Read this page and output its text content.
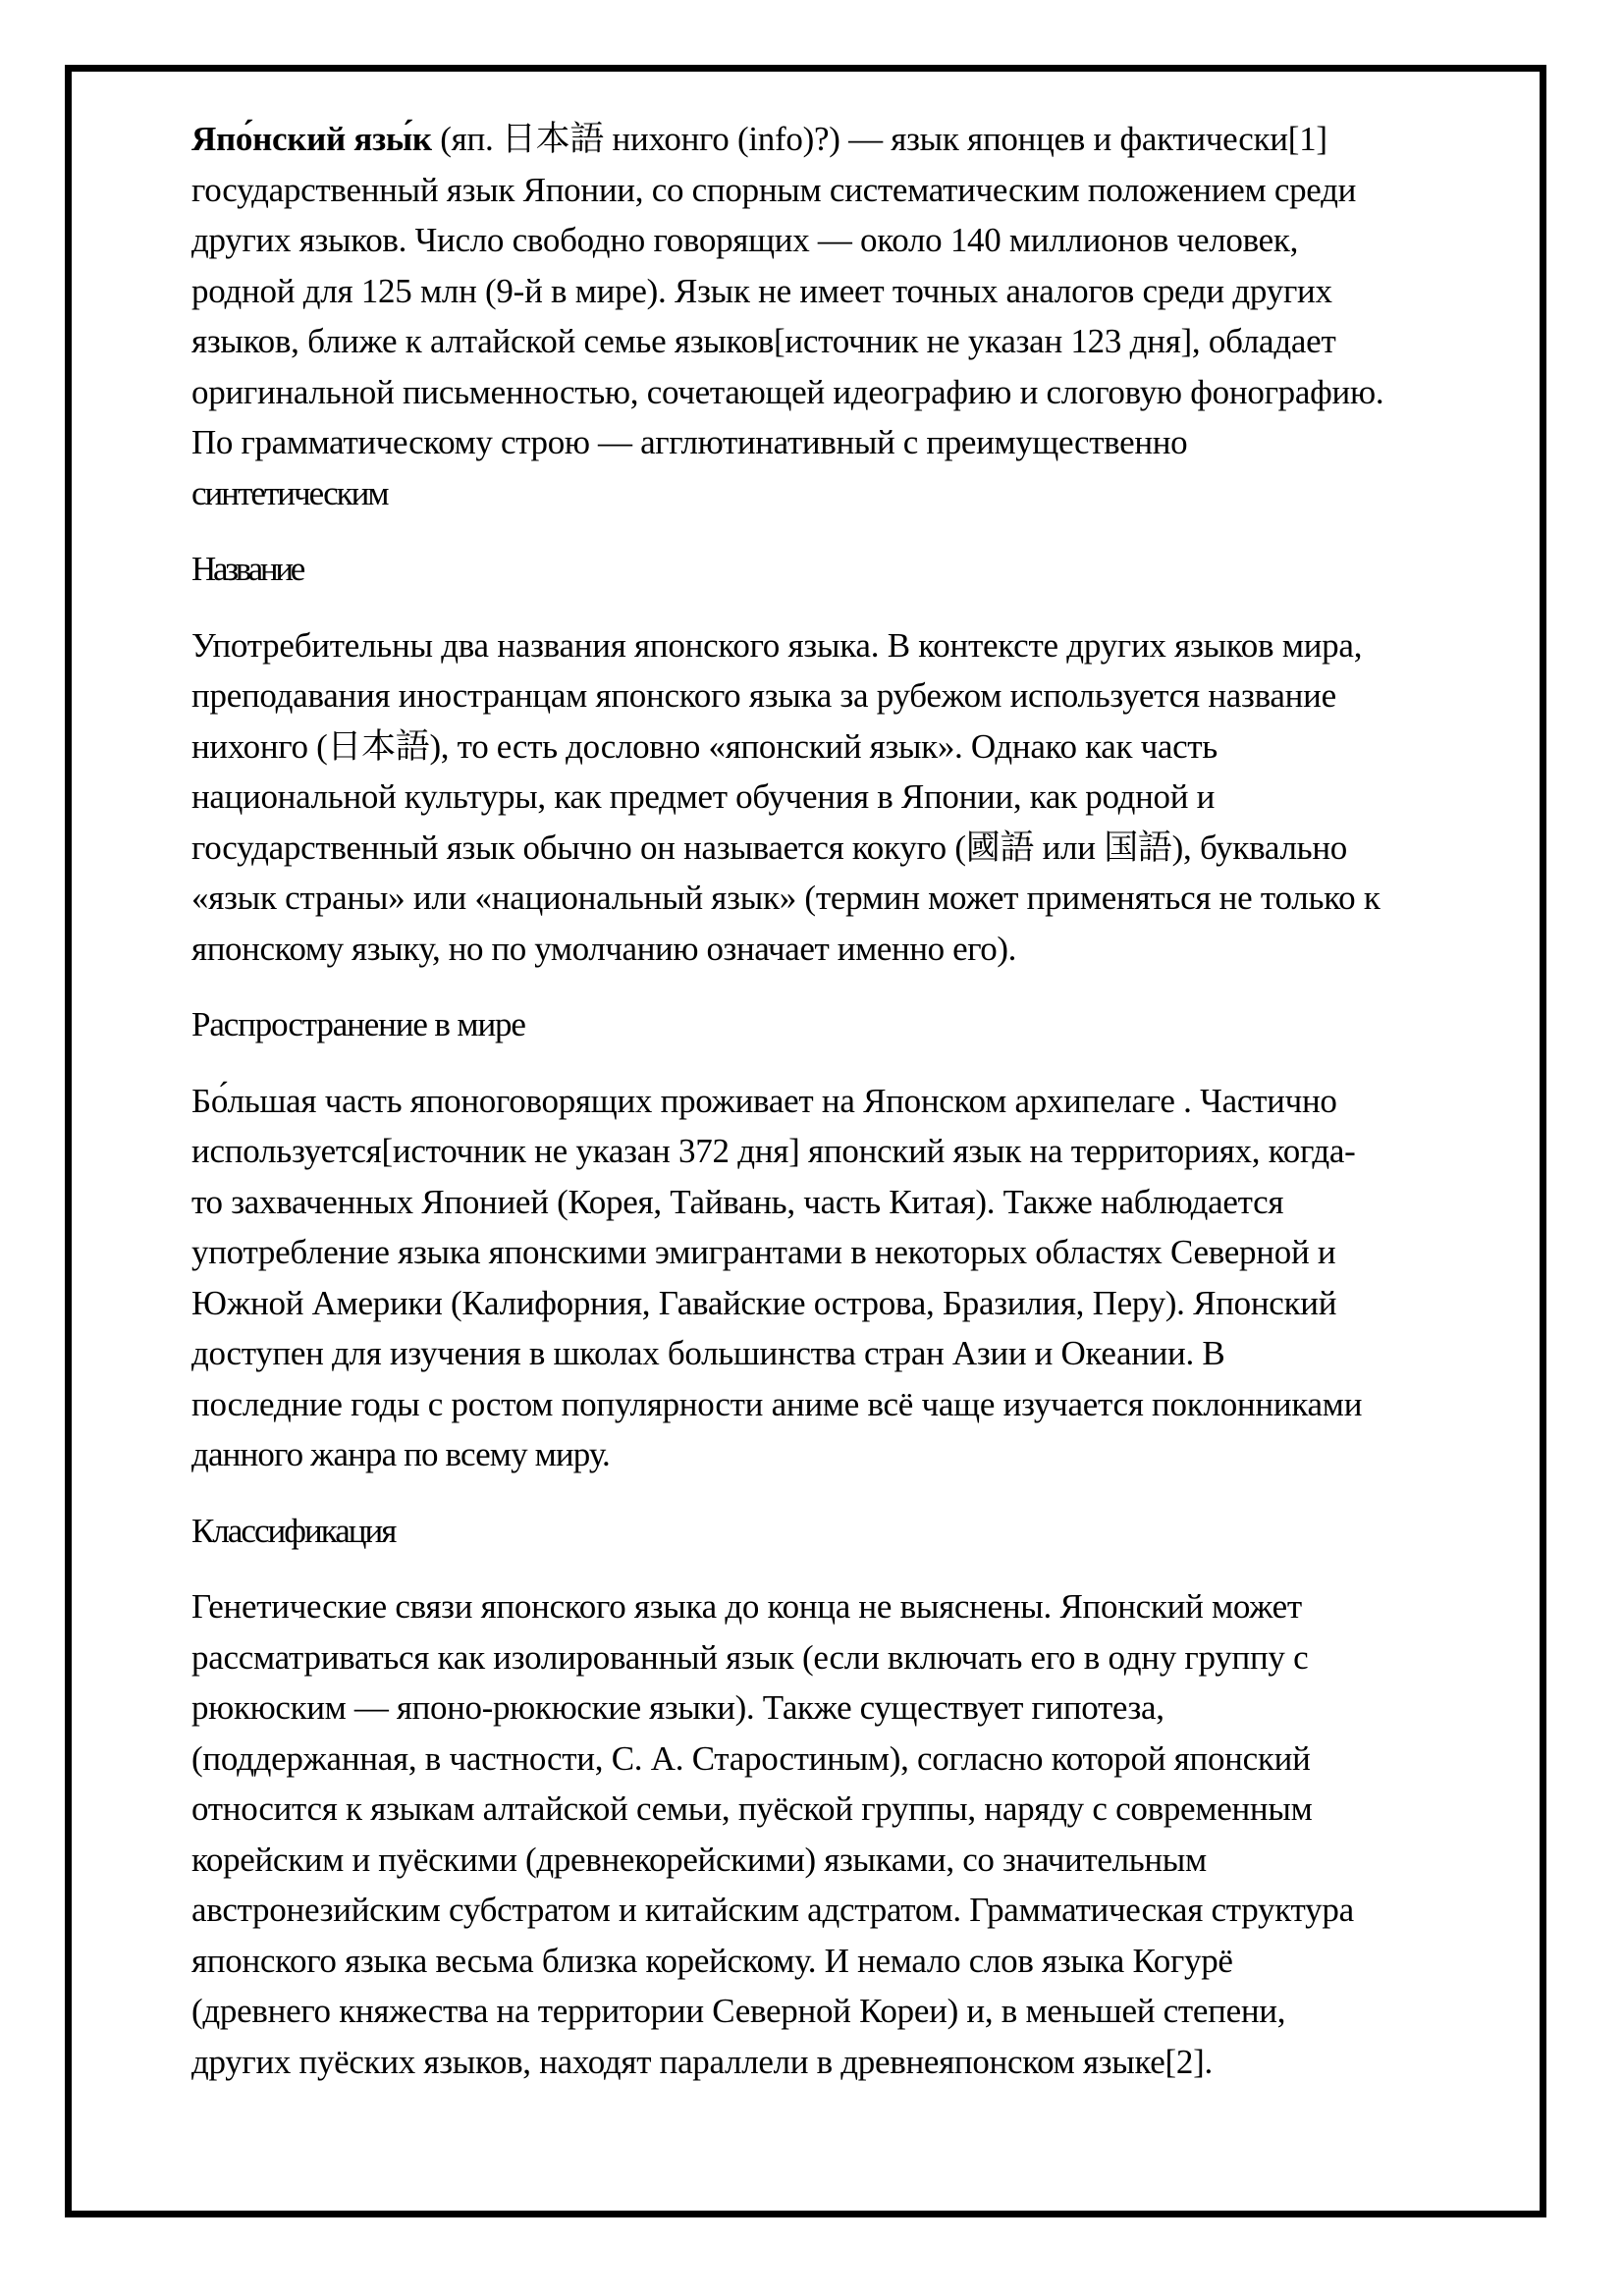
Япо́нский язы́к (яп. 日本語 нихонго (info)?) — язык японцев и фактически[1]
государственный язык Японии, со спорным систематическим положением среди
других языков. Число свободно говорящих — около 140 миллионов человек,
родной для 125 млн (9-й в мире). Язык не имеет точных аналогов среди других
языков, ближе к алтайской семье языков[источник не указан 123 дня], обладает
оригинальной письменностью, сочетающей идеографию и слоговую фонографию.
По грамматическому строю — агглютинативный с преимущественно
синтетическим
Название
Употребительны два названия японского языка. В контексте других языков мира,
преподавания иностранцам японского языка за рубежом используется название
нихонго (日本語), то есть дословно «японский язык». Однако как часть
национальной культуры, как предмет обучения в Японии, как родной и
государственный язык обычно он называется кокуго (國語 или 国語), буквально
«язык страны» или «национальный язык» (термин может применяться не только к
японскому языку, но по умолчанию означает именно его).
Распространение в мире
Бо́льшая часть японоговорящих проживает на Японском архипелаге . Частично
используется[источник не указан 372 дня] японский язык на территориях, когда-
то захваченных Японией (Корея, Тайвань, часть Китая). Также наблюдается
употребление языка японскими эмигрантами в некоторых областях Северной и
Южной Америки (Калифорния, Гавайские острова, Бразилия, Перу). Японский
доступен для изучения в школах большинства стран Азии и Океании. В
последние годы с ростом популярности аниме всё чаще изучается поклонниками
данного жанра по всему миру.
Классификация
Генетические связи японского языка до конца не выяснены. Японский может
рассматриваться как изолированный язык (если включать его в одну группу с
рюкюским — японо-рюкюские языки). Также существует гипотеза,
(поддержанная, в частности, С. А. Старостиным), согласно которой японский
относится к языкам алтайской семьи, пуёской группы, наряду с современным
корейским и пуёскими (древнекорейскими) языками, со значительным
австронезийским субстратом и китайским адстратом. Грамматическая структура
японского языка весьма близка корейскому. И немало слов языка Когурё
(древнего княжества на территории Северной Кореи) и, в меньшей степени,
других пуёских языков, находят параллели в древнеяпонском языке[2].
